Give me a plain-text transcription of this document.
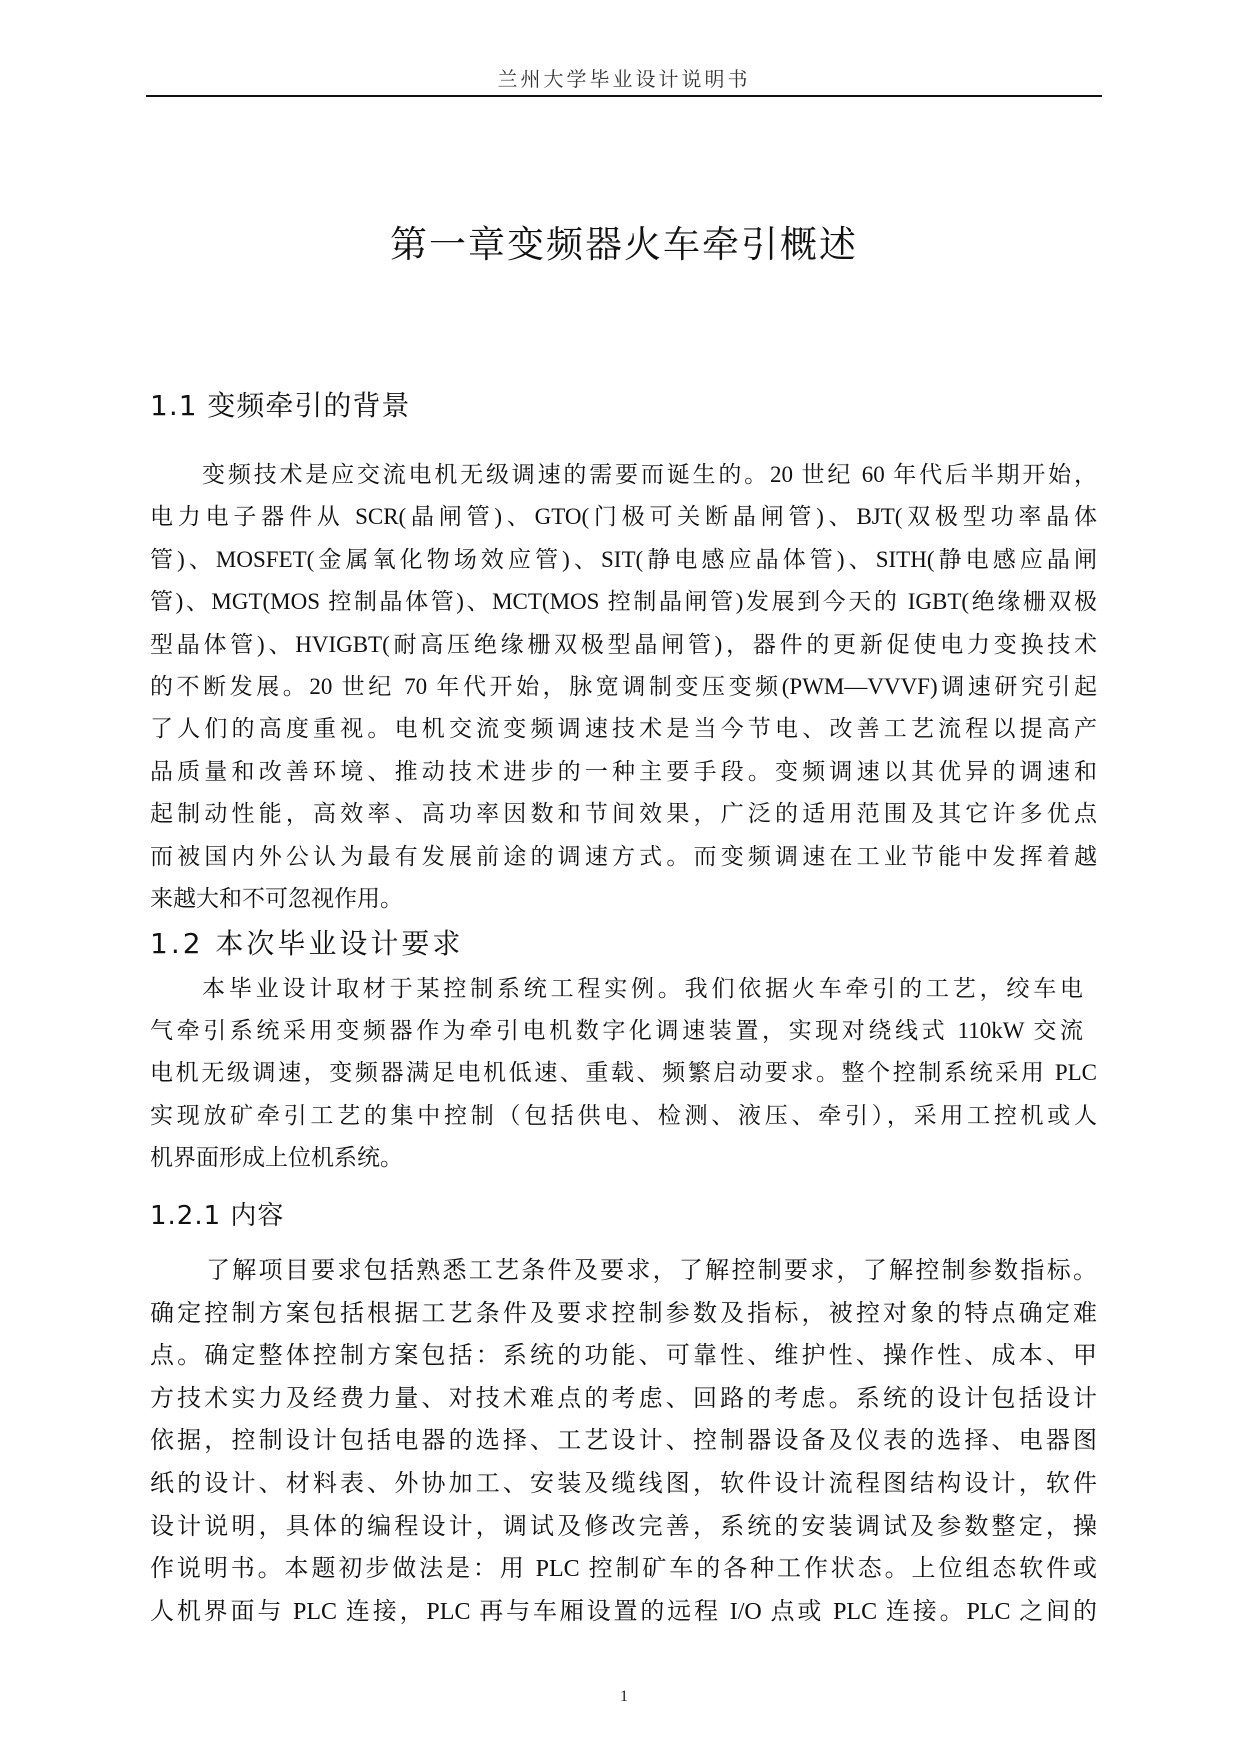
兰州大学毕业设计说明书
第一章变频器火车牵引概述
1.1 变频牵引的背景
变频技术是应交流电机无级调速的需要而诞生的。20 世纪 60 年代后半期开始，
电力电子器件从 SCR(晶闸管)、GTO(门极可关断晶闸管)、BJT(双极型功率晶体
管)、MOSFET(金属氧化物场效应管)、SIT(静电感应晶体管)、SITH(静电感应晶闸
管)、MGT(MOS 控制晶体管)、MCT(MOS 控制晶闸管)发展到今天的 IGBT(绝缘栅双极
型晶体管)、HVIGBT(耐高压绝缘栅双极型晶闸管)，器件的更新促使电力变换技术
的不断发展。20 世纪 70 年代开始，脉宽调制变压变频(PWM—VVVF)调速研究引起
了人们的高度重视。电机交流变频调速技术是当今节电、改善工艺流程以提高产
品质量和改善环境、推动技术进步的一种主要手段。变频调速以其优异的调速和
起制动性能，高效率、高功率因数和节间效果，广泛的适用范围及其它许多优点
而被国内外公认为最有发展前途的调速方式。而变频调速在工业节能中发挥着越
来越大和不可忽视作用。
1.2 本次毕业设计要求
本毕业设计取材于某控制系统工程实例。我们依据火车牵引的工艺，绞车电
气牵引系统采用变频器作为牵引电机数字化调速装置，实现对绕线式 110kW 交流
电机无级调速，变频器满足电机低速、重载、频繁启动要求。整个控制系统采用 PLC
实现放矿牵引工艺的集中控制（包括供电、检测、液压、牵引），采用工控机或人
机界面形成上位机系统。
1.2.1 内容
了解项目要求包括熟悉工艺条件及要求，了解控制要求，了解控制参数指标。
确定控制方案包括根据工艺条件及要求控制参数及指标，被控对象的特点确定难
点。确定整体控制方案包括：系统的功能、可靠性、维护性、操作性、成本、甲
方技术实力及经费力量、对技术难点的考虑、回路的考虑。系统的设计包括设计
依据，控制设计包括电器的选择、工艺设计、控制器设备及仪表的选择、电器图
纸的设计、材料表、外协加工、安装及缆线图，软件设计流程图结构设计，软件
设计说明，具体的编程设计，调试及修改完善，系统的安装调试及参数整定，操
作说明书。本题初步做法是：用 PLC 控制矿车的各种工作状态。上位组态软件或
人机界面与 PLC 连接，PLC 再与车厢设置的远程 I/O 点或 PLC 连接。PLC 之间的
1
